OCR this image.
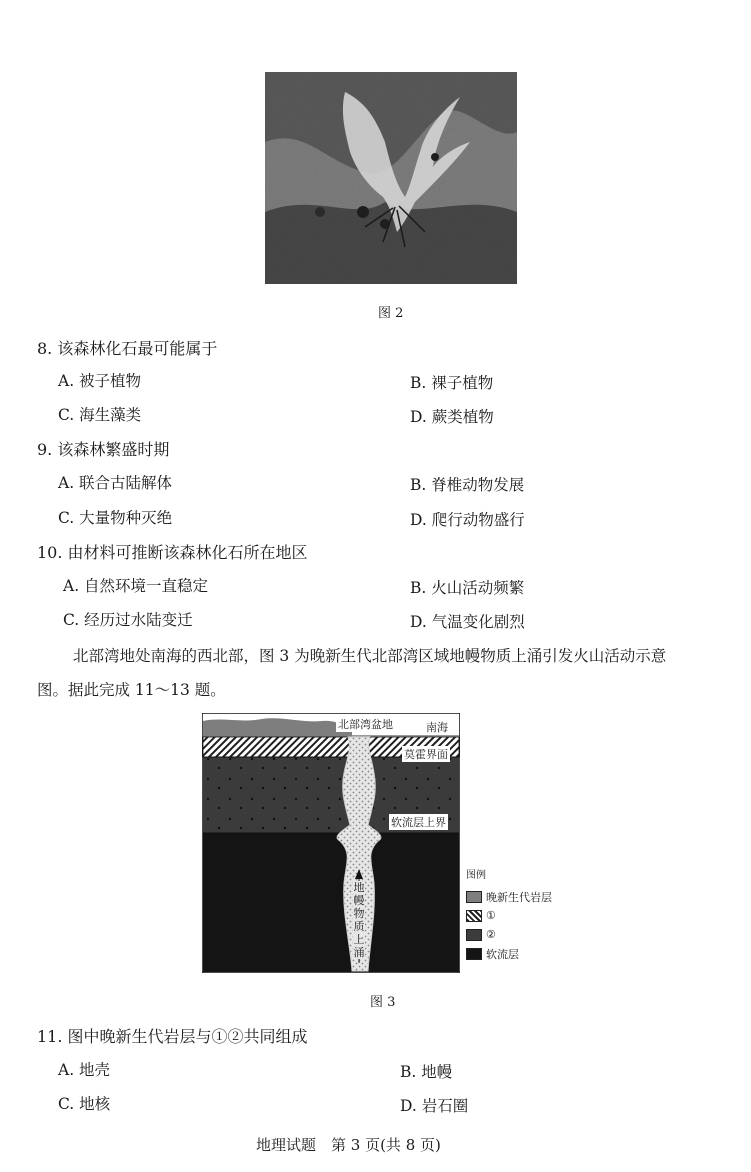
图 2
8. 该森林化石最可能属于
A. 被子植物	B. 裸子植物
C. 海生藻类	D. 蕨类植物
9. 该森林繁盛时期
A. 联合古陆解体	B. 脊椎动物发展
C. 大量物种灭绝	D. 爬行动物盛行
10. 由材料可推断该森林化石所在地区
A. 自然环境一直稳定	B. 火山活动频繁
C. 经历过水陆变迁	D. 气温变化剧烈
北部湾地处南海的西北部，图 3 为晚新生代北部湾区域地幔物质上涌引发火山活动示意
图。据此完成 11～13 题。
北部湾盆地	南海
莫霍界面
软流层上界
地
幔
物
质
上
涌
图例
晚新生代岩层
①
②
软流层
图 3
11. 图中晚新生代岩层与①②共同组成
A. 地壳	B. 地幔
C. 地核	D. 岩石圈
地理试题　第 3 页(共 8 页)
